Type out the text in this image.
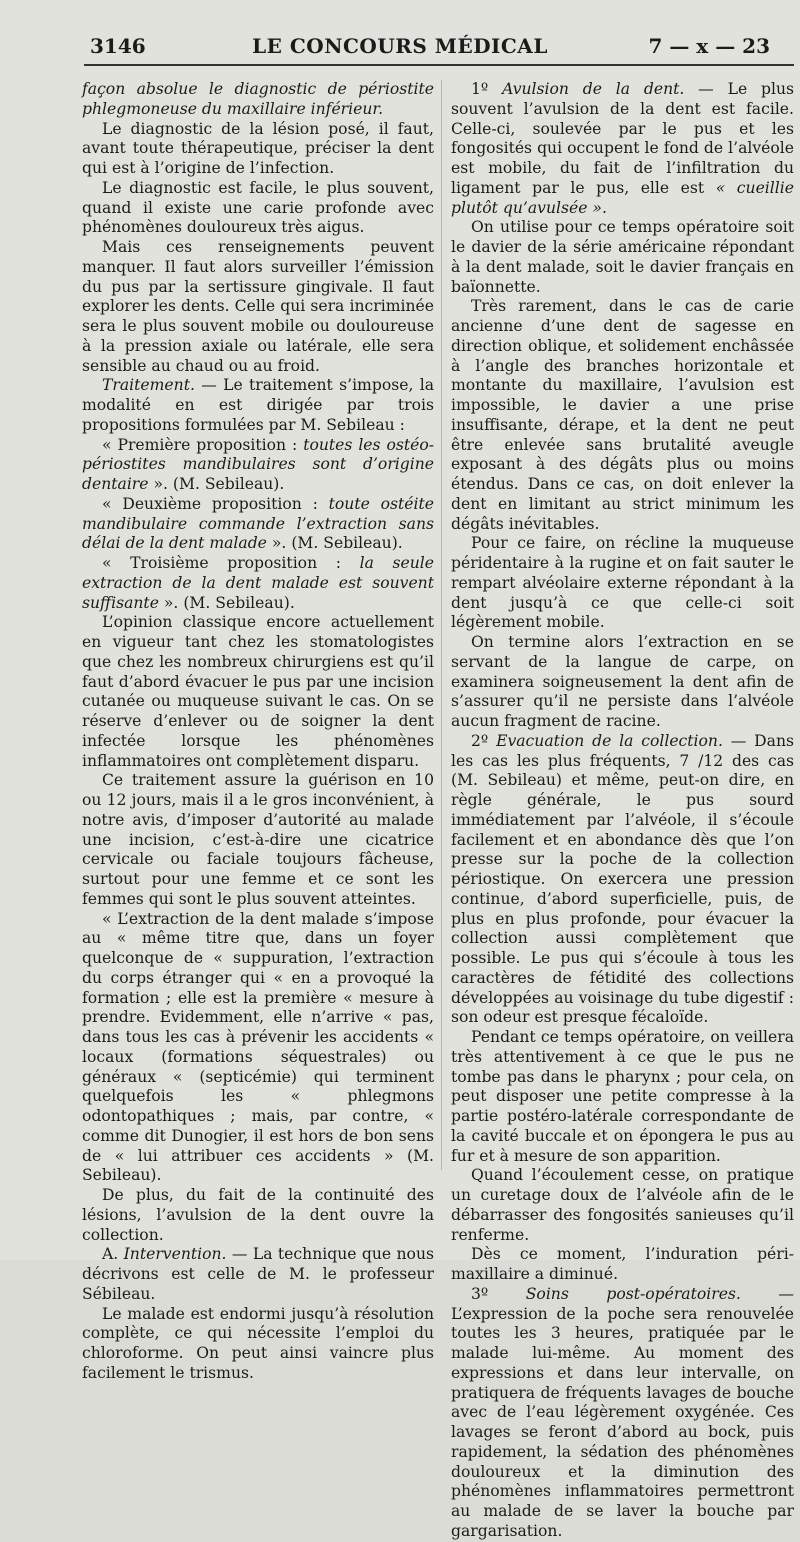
3146	LE CONCOURS MÉDICAL	7 — x — 23

façon absolue le diagnostic de périostite phlegmoneuse du maxillaire inférieur.

Le diagnostic de la lésion posé, il faut, avant toute thérapeutique, préciser la dent qui est à l’origine de l’infection.

Le diagnostic est facile, le plus souvent, quand il existe une carie profonde avec phénomènes douloureux très aigus.

Mais ces renseignements peuvent manquer. Il faut alors surveiller l’émission du pus par la sertissure gingivale. Il faut explorer les dents. Celle qui sera incriminée sera le plus souvent mobile ou douloureuse à la pression axiale ou latérale, elle sera sensible au chaud ou au froid.

Traitement. — Le traitement s’impose, la modalité en est dirigée par trois propositions formulées par M. Sebileau :

« Première proposition : toutes les ostéo-périostites mandibulaires sont d’origine dentaire ». (M. Sebileau).

« Deuxième proposition : toute ostéite mandibulaire commande l’extraction sans délai de la dent malade ». (M. Sebileau).

« Troisième proposition : la seule extraction de la dent malade est souvent suffisante ». (M. Sebileau).

L’opinion classique encore actuellement en vigueur tant chez les stomatologistes que chez les nombreux chirurgiens est qu’il faut d’abord évacuer le pus par une incision cutanée ou muqueuse suivant le cas. On se réserve d’enlever ou de soigner la dent infectée lorsque les phénomènes inflammatoires ont complètement disparu.

Ce traitement assure la guérison en 10 ou 12 jours, mais il a le gros inconvénient, à notre avis, d’imposer d’autorité au malade une incision, c’est-à-dire une cicatrice cervicale ou faciale toujours fâcheuse, surtout pour une femme et ce sont les femmes qui sont le plus souvent atteintes.

« L’extraction de la dent malade s’impose au « même titre que, dans un foyer quelconque de « suppuration, l’extraction du corps étranger qui « en a provoqué la formation ; elle est la première « mesure à prendre. Evidemment, elle n’arrive « pas, dans tous les cas à prévenir les accidents « locaux (formations séquestrales) ou généraux « (septicémie) qui terminent quelquefois les « phlegmons odontopathiques ; mais, par contre, « comme dit Dunogier, il est hors de bon sens de « lui attribuer ces accidents » (M. Sebileau).

De plus, du fait de la continuité des lésions, l’avulsion de la dent ouvre la collection.

A. Intervention. — La technique que nous décrivons est celle de M. le professeur Sébileau.

Le malade est endormi jusqu’à résolution complète, ce qui nécessite l’emploi du chloroforme. On peut ainsi vaincre plus facilement le trismus.

1º Avulsion de la dent. — Le plus souvent l’avulsion de la dent est facile. Celle-ci, soulevée par le pus et les fongosités qui occupent le fond de l’alvéole est mobile, du fait de l’infiltration du ligament par le pus, elle est « cueillie plutôt qu’avulsée ».

On utilise pour ce temps opératoire soit le davier de la série américaine répondant à la dent malade, soit le davier français en baïonnette.

Très rarement, dans le cas de carie ancienne d’une dent de sagesse en direction oblique, et solidement enchâssée à l’angle des branches horizontale et montante du maxillaire, l’avulsion est impossible, le davier a une prise insuffisante, dérape, et la dent ne peut être enlevée sans brutalité aveugle exposant à des dégâts plus ou moins étendus. Dans ce cas, on doit enlever la dent en limitant au strict minimum les dégâts inévitables.

Pour ce faire, on récline la muqueuse péridentaire à la rugine et on fait sauter le rempart alvéolaire externe répondant à la dent jusqu’à ce que celle-ci soit légèrement mobile.

On termine alors l’extraction en se servant de la langue de carpe, on examinera soigneusement la dent afin de s’assurer qu’il ne persiste dans l’alvéole aucun fragment de racine.

2º Evacuation de la collection. — Dans les cas les plus fréquents, 7 /12 des cas (M. Sebileau) et même, peut-on dire, en règle générale, le pus sourd immédiatement par l’alvéole, il s’écoule facilement et en abondance dès que l’on presse sur la poche de la collection périostique. On exercera une pression continue, d’abord superficielle, puis, de plus en plus profonde, pour évacuer la collection aussi complètement que possible. Le pus qui s’écoule à tous les caractères de fétidité des collections développées au voisinage du tube digestif : son odeur est presque fécaloïde.

Pendant ce temps opératoire, on veillera très attentivement à ce que le pus ne tombe pas dans le pharynx ; pour cela, on peut disposer une petite compresse à la partie postéro-latérale correspondante de la cavité buccale et on épongera le pus au fur et à mesure de son apparition.

Quand l’écoulement cesse, on pratique un curetage doux de l’alvéole afin de le débarrasser des fongosités sanieuses qu’il renferme.

Dès ce moment, l’induration péri-maxillaire a diminué.

3º Soins post-opératoires. — L’expression de la poche sera renouvelée toutes les 3 heures, pratiquée par le malade lui-même. Au moment des expressions et dans leur intervalle, on pratiquera de fréquents lavages de bouche avec de l’eau légèrement oxygénée. Ces lavages se feront d’abord au bock, puis rapidement, la sédation des phénomènes douloureux et la diminution des phénomènes inflammatoires permettront au malade de se laver la bouche par gargarisation.
